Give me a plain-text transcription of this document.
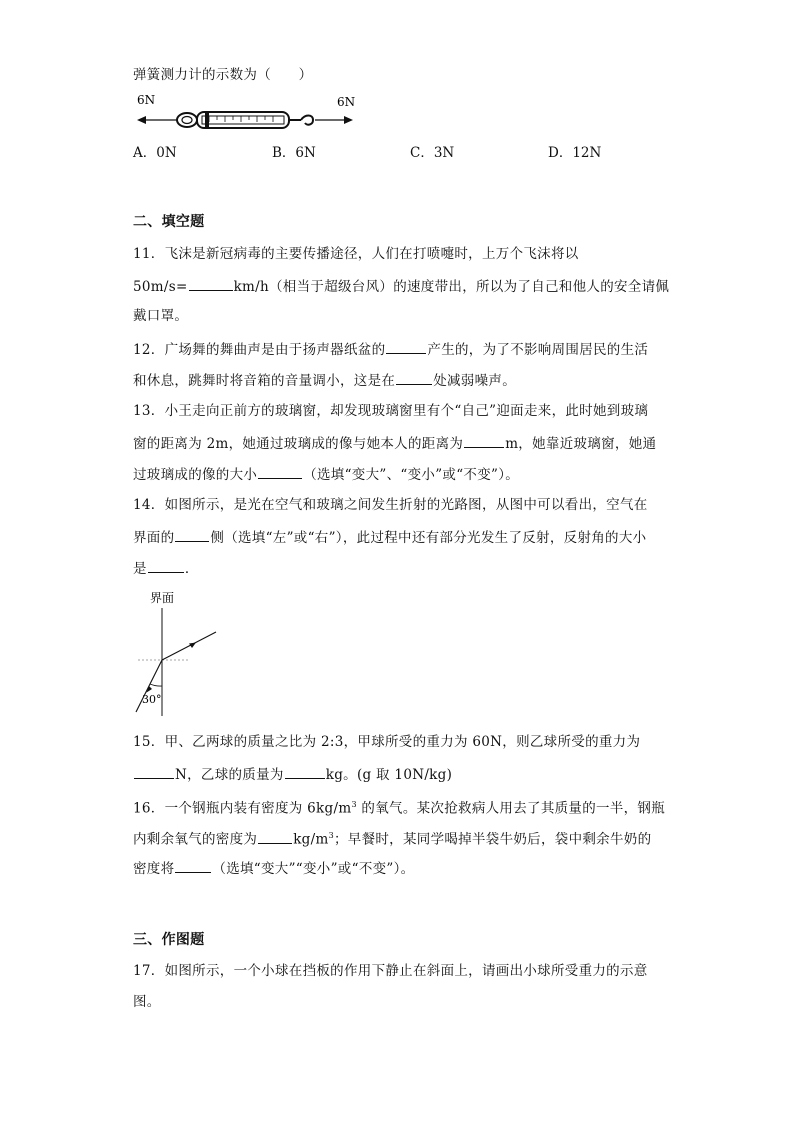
弹簧测力计的示数为（　　）
6N	6N
A．0N	B．6N	C．3N	D．12N
二、填空题
11．飞沫是新冠病毒的主要传播途径，人们在打喷嚏时，上万个飞沫将以
50m/s=	km/h（相当于超级台风）的速度带出，所以为了自己和他人的安全请佩
戴口罩。
12．广场舞的舞曲声是由于扬声器纸盆的	产生的，为了不影响周围居民的生活
和休息，跳舞时将音箱的音量调小，这是在	处减弱噪声。
13．小王走向正前方的玻璃窗，却发现玻璃窗里有个“自己”迎面走来，此时她到玻璃
窗的距离为 2m，她通过玻璃成的像与她本人的距离为	m，她靠近玻璃窗，她通
过玻璃成的像的大小	（选填“变大”、“变小”或“不变”）。
14．如图所示，是光在空气和玻璃之间发生折射的光路图，从图中可以看出，空气在
界面的	侧（选填“左”或“右”），此过程中还有部分光发生了反射，反射角的大小
是	．
界面
30°
15．甲、乙两球的质量之比为 2:3，甲球所受的重力为 60N，则乙球所受的重力为
N，乙球的质量为	kg。(g 取 10N/kg)
16．一个钢瓶内装有密度为 $6kg/m^3$ 的氧气。某次抢救病人用去了其质量的一半，钢瓶
内剩余氧气的密度为	$kg/m^3$；早餐时，某同学喝掉半袋牛奶后，袋中剩余牛奶的
密度将	（选填“变大”“变小”或“不变”）。
三、作图题
17．如图所示，一个小球在挡板的作用下静止在斜面上，请画出小球所受重力的示意
图。
